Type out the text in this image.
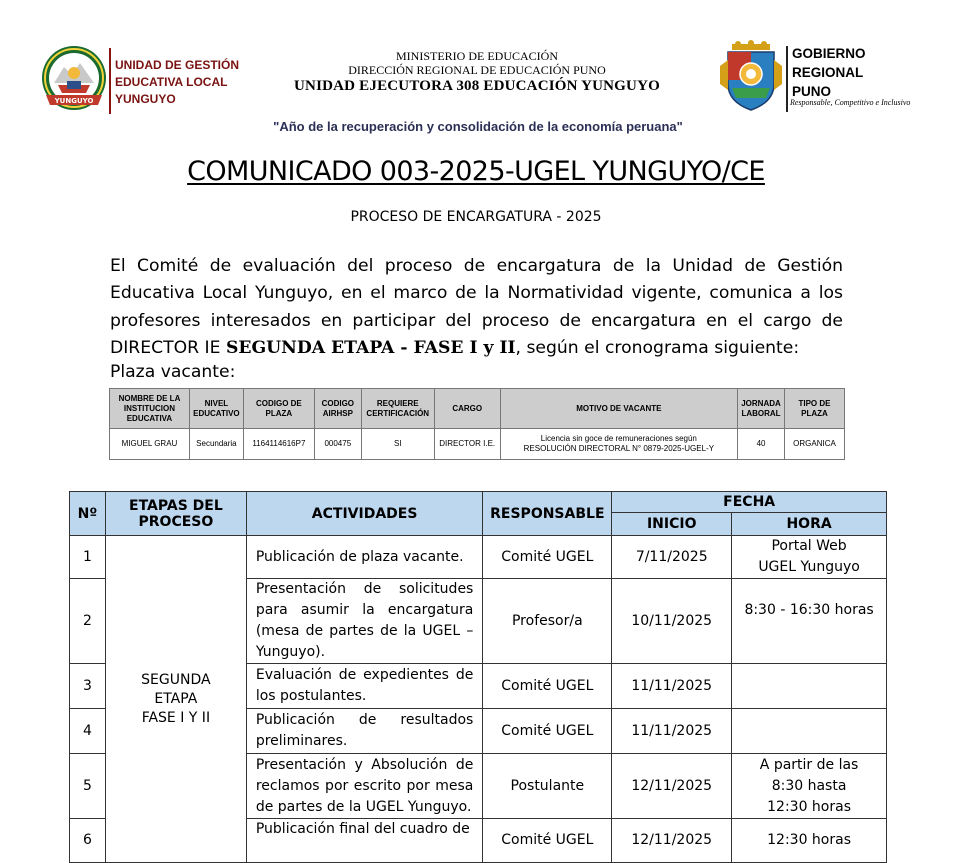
YUNGUYO
UNIDAD DE GESTIÓN
EDUCATIVA LOCAL
YUNGUYO
MINISTERIO DE EDUCACIÓN
DIRECCIÓN REGIONAL DE EDUCACIÓN PUNO
UNIDAD EJECUTORA 308 EDUCACIÓN YUNGUYO
GOBIERNO
REGIONAL
PUNO
Responsable, Competitivo e Inclusivo
"Año de la recuperación y consolidación de la economía peruana"
COMUNICADO 003-2025-UGEL YUNGUYO/CE
PROCESO DE ENCARGATURA - 2025

El Comité de evaluación del proceso de encargatura de la Unidad de Gestión Educativa Local Yunguyo, en el marco de la Normatividad vigente, comunica a los profesores interesados en participar del proceso de encargatura en el cargo de DIRECTOR IE SEGUNDA ETAPA - FASE I y II, según el cronograma siguiente:

Plaza vacante:
NOMBRE DE LA INSTITUCION EDUCATIVA	NIVEL EDUCATIVO	CODIGO DE PLAZA	CODIGO AIRHSP	REQUIERE CERTIFICACIÓN	CARGO	MOTIVO DE VACANTE	JORNADA LABORAL	TIPO DE PLAZA
MIGUEL GRAU	Secundaria	1164114616P7	000475	SI	DIRECTOR I.E.	Licencia sin goce de remuneraciones según
RESOLUCIÓN DIRECTORAL N° 0879-2025-UGEL-Y	40	ORGANICA
Nº	ETAPAS DEL PROCESO	ACTIVIDADES	RESPONSABLE	FECHA	
				INICIO	HORA
1	SEGUNDA
ETAPA
FASE I Y II	Publicación de plaza vacante.	Comité UGEL	7/11/2025	Portal Web UGEL Yunguyo
2		Presentación de solicitudes para asumir la encargatura (mesa de partes de la UGEL – Yunguyo).	Profesor/a	10/11/2025	8:30 - 16:30 horas
3		Evaluación de expedientes de los postulantes.	Comité UGEL	11/11/2025	
4		Publicación de resultados preliminares.	Comité UGEL	11/11/2025	
5		Presentación y Absolución de reclamos por escrito por mesa de partes de la UGEL Yunguyo.	Postulante	12/11/2025	A partir de las 8:30 hasta 12:30 horas
6		Publicación final del cuadro de	Comité UGEL	12/11/2025	12:30 horas
